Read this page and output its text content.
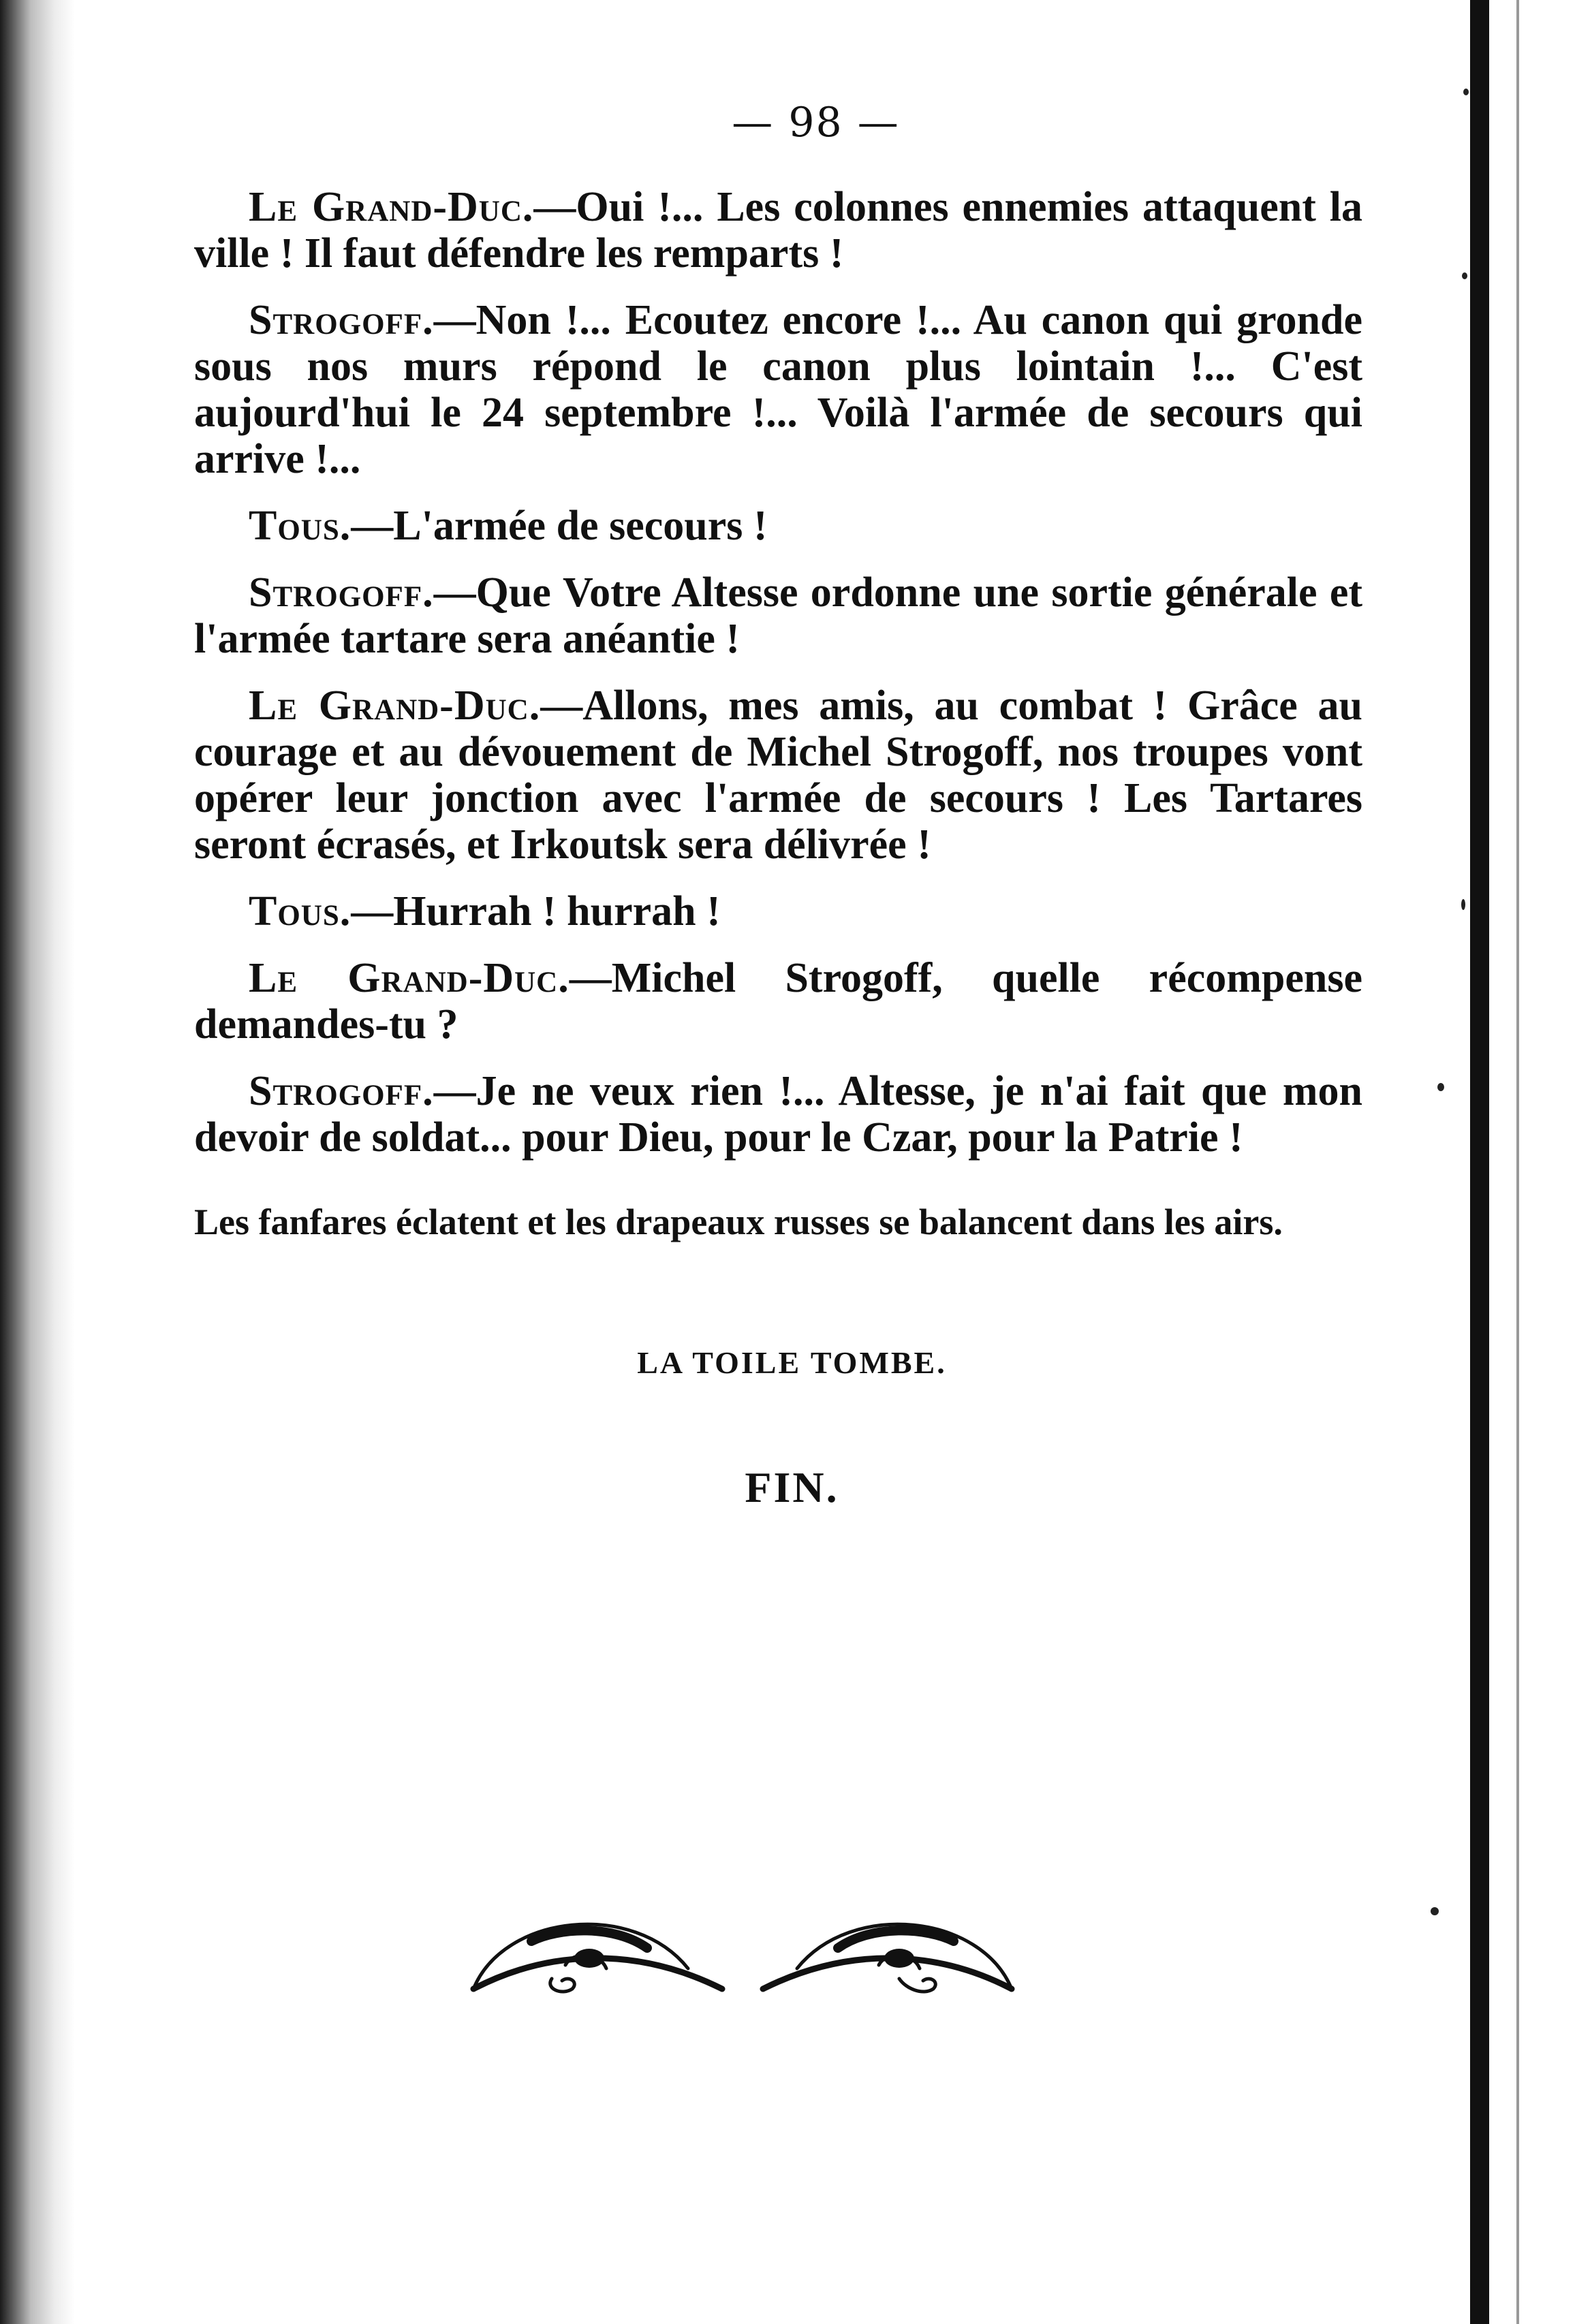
— 98 —

Le Grand-Duc.—Oui !... Les colonnes ennemies attaquent la ville ! Il faut défendre les remparts !

Strogoff.—Non !... Ecoutez encore !... Au canon qui gronde sous nos murs répond le canon plus lointain !... C'est aujourd'hui le 24 septembre !... Voilà l'armée de secours qui arrive !...

Tous.—L'armée de secours !

Strogoff.—Que Votre Altesse ordonne une sortie générale et l'armée tartare sera anéantie !

Le Grand-Duc.—Allons, mes amis, au combat ! Grâce au courage et au dévouement de Michel Strogoff, nos troupes vont opérer leur jonction avec l'armée de secours ! Les Tartares seront écrasés, et Irkoutsk sera délivrée !

Tous.—Hurrah ! hurrah !

Le Grand-Duc.—Michel Strogoff, quelle récompense demandes-tu ?

Strogoff.—Je ne veux rien !... Altesse, je n'ai fait que mon devoir de soldat... pour Dieu, pour le Czar, pour la Patrie !

Les fanfares éclatent et les drapeaux russes se balancent dans les airs.

LA TOILE TOMBE.
FIN.
